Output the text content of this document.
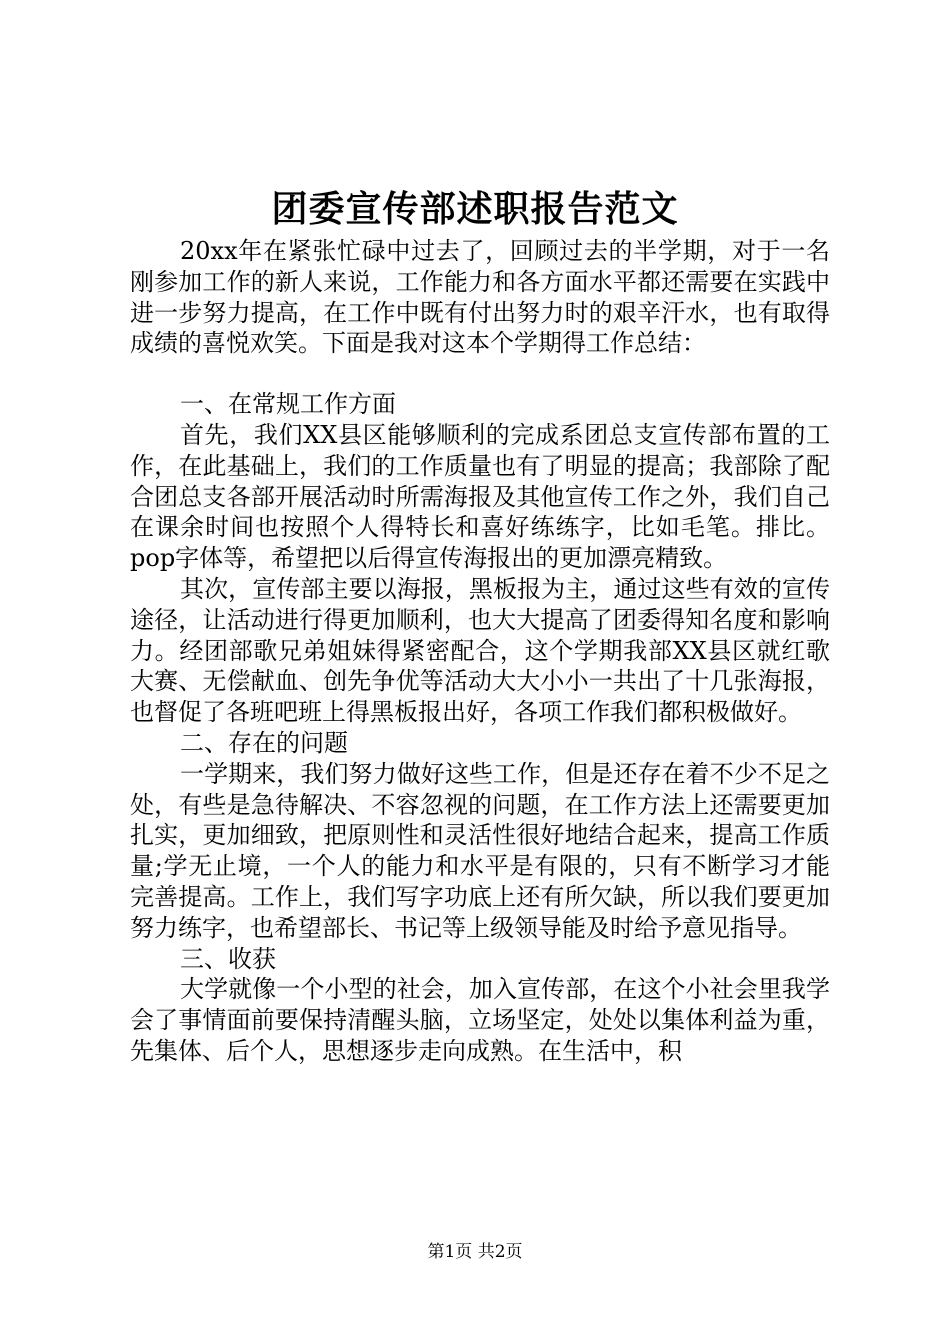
团委宣传部述职报告范文

20xx年在紧张忙碌中过去了，回顾过去的半学期，对于一名刚参加工作的新人来说，工作能力和各方面水平都还需要在实践中进一步努力提高，在工作中既有付出努力时的艰辛汗水，也有取得成绩的喜悦欢笑。下面是我对这本个学期得工作总结：

一、在常规工作方面

首先，我们XX县区能够顺利的完成系团总支宣传部布置的工作，在此基础上，我们的工作质量也有了明显的提高；我部除了配合团总支各部开展活动时所需海报及其他宣传工作之外，我们自己在课余时间也按照个人得特长和喜好练练字，比如毛笔。排比。pop字体等，希望把以后得宣传海报出的更加漂亮精致。

其次，宣传部主要以海报，黑板报为主，通过这些有效的宣传途径，让活动进行得更加顺利，也大大提高了团委得知名度和影响力。经团部歌兄弟姐妹得紧密配合，这个学期我部XX县区就红歌大赛、无偿献血、创先争优等活动大大小小一共出了十几张海报，也督促了各班吧班上得黑板报出好，各项工作我们都积极做好。

二、存在的问题

一学期来，我们努力做好这些工作，但是还存在着不少不足之处，有些是急待解决、不容忽视的问题，在工作方法上还需要更加扎实，更加细致，把原则性和灵活性很好地结合起来，提高工作质量;学无止境，一个人的能力和水平是有限的，只有不断学习才能完善提高。工作上，我们写字功底上还有所欠缺，所以我们要更加努力练字，也希望部长、书记等上级领导能及时给予意见指导。

三、收获

大学就像一个小型的社会，加入宣传部，在这个小社会里我学会了事情面前要保持清醒头脑，立场坚定，处处以集体利益为重，先集体、后个人，思想逐步走向成熟。在生活中，积

第1页 共2页
